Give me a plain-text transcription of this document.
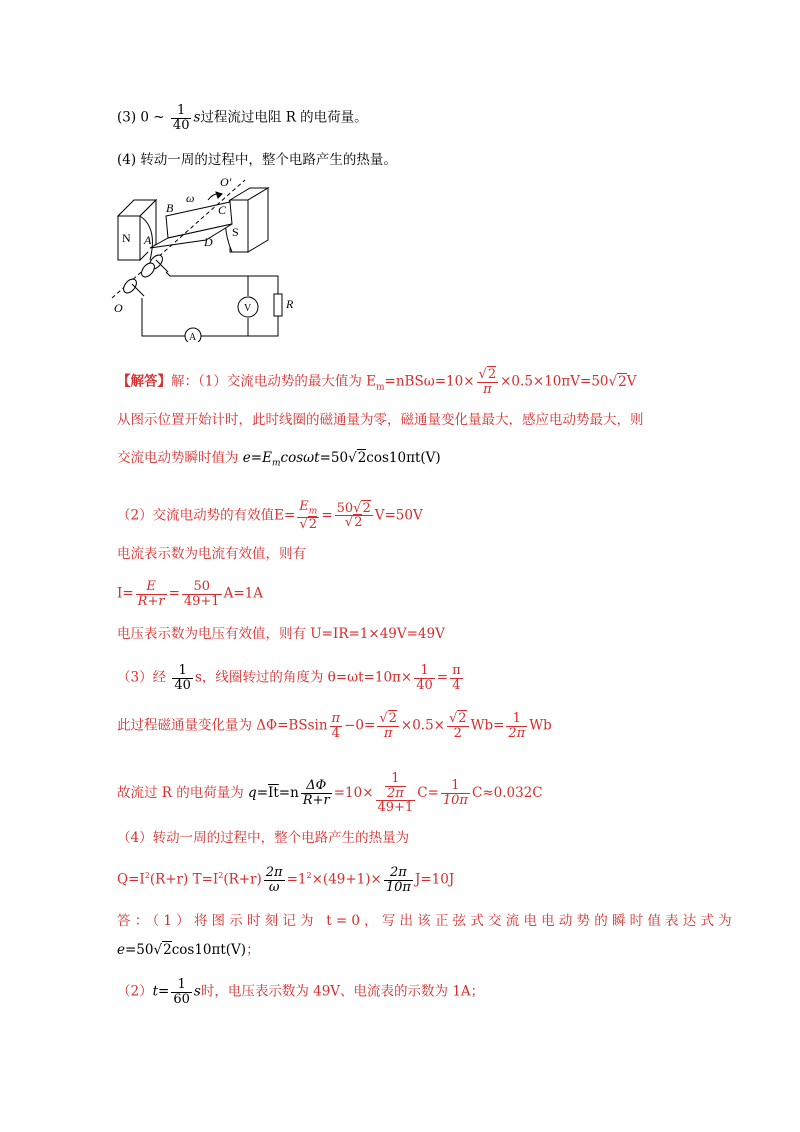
(3) 0 ~ $\frac{1}{40}$ s过程流过电阻 R 的电荷量。
(4) 转动一周的过程中，整个电路产生的热量。
O′
ω
B	C
N A	D
S
O	V	R
A
【解答】解：（1）交流电动势的最大值为 $E_m=nBS\omega=10\times \frac{√2}{\pi} \times 0.5\times 10\pi V=50√2V$
从图示位置开始计时，此时线圈的磁通量为零，磁通量变化量最大，感应电动势最大，则
交流电动势瞬时值为 $e=E_m\cos\omega t=50√2\cos 10\pi t(V)$
（2）交流电动势的有效值$E= \frac{E_m}{√2} = \frac{50√2}{√2} V=50V$
电流表示数为电流有效值，则有
$I= \frac{E}{R+r} = \frac{50}{49+1} A=1A$
电压表示数为电压有效值，则有 U=IR=1×49V=49V
（3）经 $\frac{1}{40}$ s，线圈转过的角度为 $\theta=\omega t=10\pi\times \frac{1}{40} = \frac{\pi}{4}$
此过程磁通量变化量为 $\Delta\Phi=BSsin \frac{\pi}{4} -0= \frac{√2}{\pi} \times 0.5\times \frac{√2}{2} Wb= \frac{1}{2\pi}$ Wb
故流过 R 的电荷量为 $q=\overline{It}=n \frac{\Delta\Phi}{R+r} =10\times \frac{\frac{1}{2\pi}}{49+1} C= \frac{1}{10\pi} C\approx 0.032C$
（4）转动一周的过程中，整个电路产生的热量为
$Q=I^2(R+r)$ $T=I^2(R+r) \frac{2\pi}{\omega} =1^2\times(49+1)\times \frac{2\pi}{10\pi} J=10J$
答：（1）将图示时刻记为 t=0，写出该正弦式交流电电动势的瞬时值表达式为
e=50√2cos10πt(V)；
$(2)t= \frac{1}{60}$ s时，电压表示数为 49V、电流表的示数为 1A；
